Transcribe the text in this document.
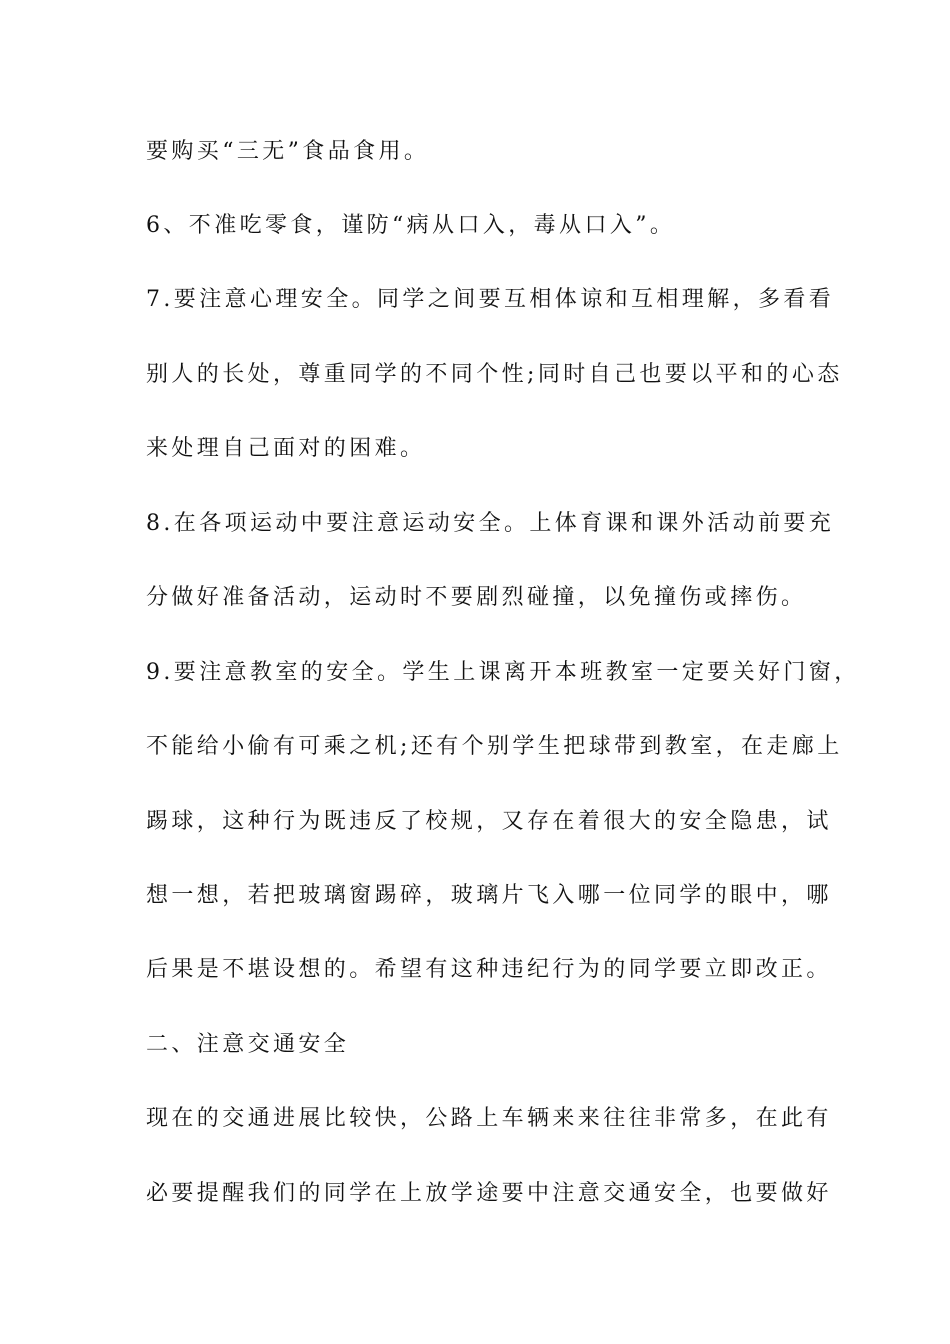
要购买“三无”食品食用。
6、不准吃零食，谨防“病从口入，毒从口入”。
7.要注意心理安全。同学之间要互相体谅和互相理解，多看看
别人的长处，尊重同学的不同个性;同时自己也要以平和的心态
来处理自己面对的困难。
8.在各项运动中要注意运动安全。上体育课和课外活动前要充
分做好准备活动，运动时不要剧烈碰撞，以免撞伤或摔伤。
9.要注意教室的安全。学生上课离开本班教室一定要关好门窗，
不能给小偷有可乘之机;还有个别学生把球带到教室，在走廊上
踢球，这种行为既违反了校规，又存在着很大的安全隐患，试
想一想，若把玻璃窗踢碎，玻璃片飞入哪一位同学的眼中，哪
后果是不堪设想的。希望有这种违纪行为的同学要立即改正。
二、注意交通安全
现在的交通进展比较快，公路上车辆来来往往非常多，在此有
必要提醒我们的同学在上放学途要中注意交通安全，也要做好
